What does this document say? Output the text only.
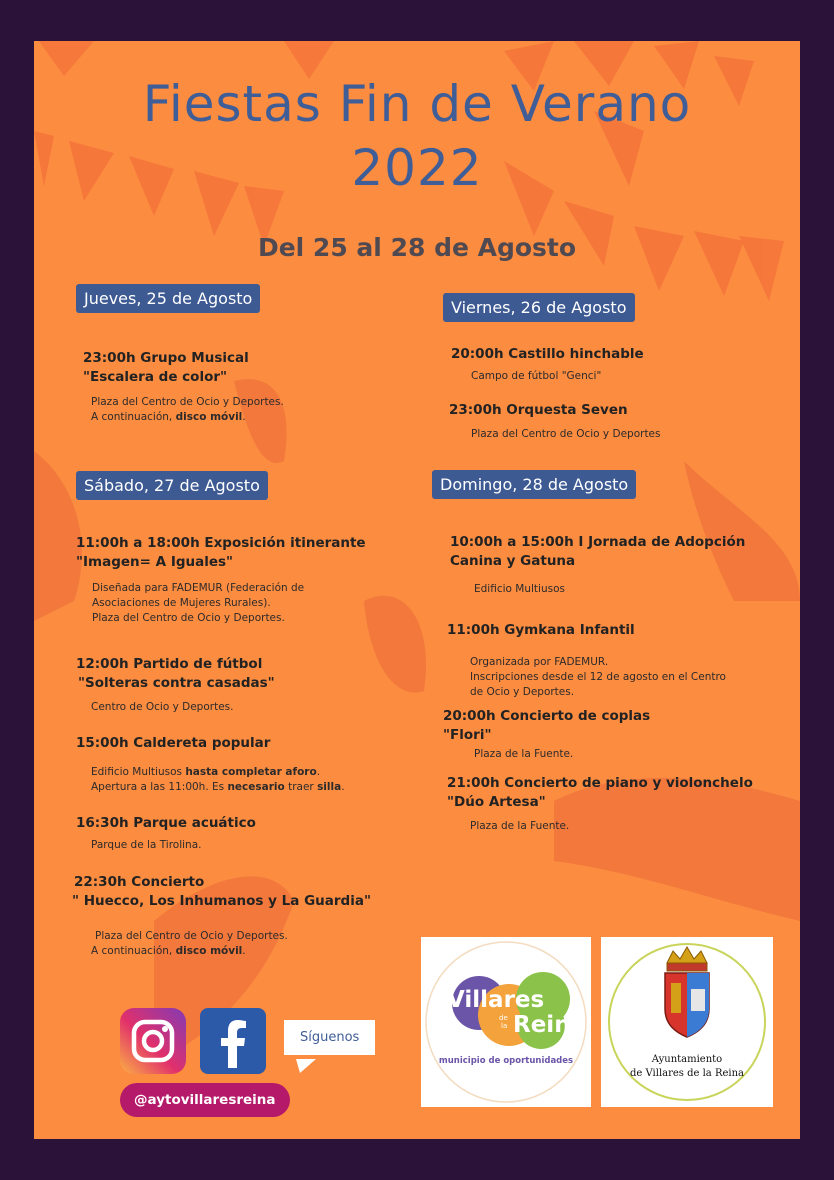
Fiestas Fin de Verano
2022
Del 25 al 28 de Agosto
Jueves, 25 de Agosto
23:00h Grupo Musical
"Escalera de color"
Plaza del Centro de Ocio y Deportes.
A continuación, disco móvil.
Viernes, 26 de Agosto
20:00h Castillo hinchable
Campo de fútbol "Genci"
23:00h Orquesta Seven
Plaza del Centro de Ocio y Deportes
Sábado, 27 de Agosto
11:00h a 18:00h Exposición itinerante
"Imagen= A Iguales"
Diseñada para FADEMUR (Federación de
Asociaciones de Mujeres Rurales).
Plaza del Centro de Ocio y Deportes.
12:00h Partido de fútbol
"Solteras contra casadas"
Centro de Ocio y Deportes.
15:00h Caldereta popular
Edificio Multiusos hasta completar aforo.
Apertura a las 11:00h. Es necesario traer silla.
16:30h Parque acuático
Parque de la Tirolina.
22:30h Concierto
" Huecco, Los Inhumanos y La Guardia"
Plaza del Centro de Ocio y Deportes.
A continuación, disco móvil.
Domingo, 28 de Agosto
10:00h a 15:00h I Jornada de Adopción
Canina y Gatuna
Edificio Multiusos
11:00h Gymkana Infantil
Organizada por FADEMUR.
Inscripciones desde el 12 de agosto en el Centro
de Ocio y Deportes.
20:00h Concierto de coplas
"Flori"
Plaza de la Fuente.
21:00h Concierto de piano y violonchelo
"Dúo Artesa"
Plaza de la Fuente.
Síguenos
@aytovillaresreina
Villares
de
la Reina
municipio de oportunidades	Ayuntamiento
de Villares de la Reina
